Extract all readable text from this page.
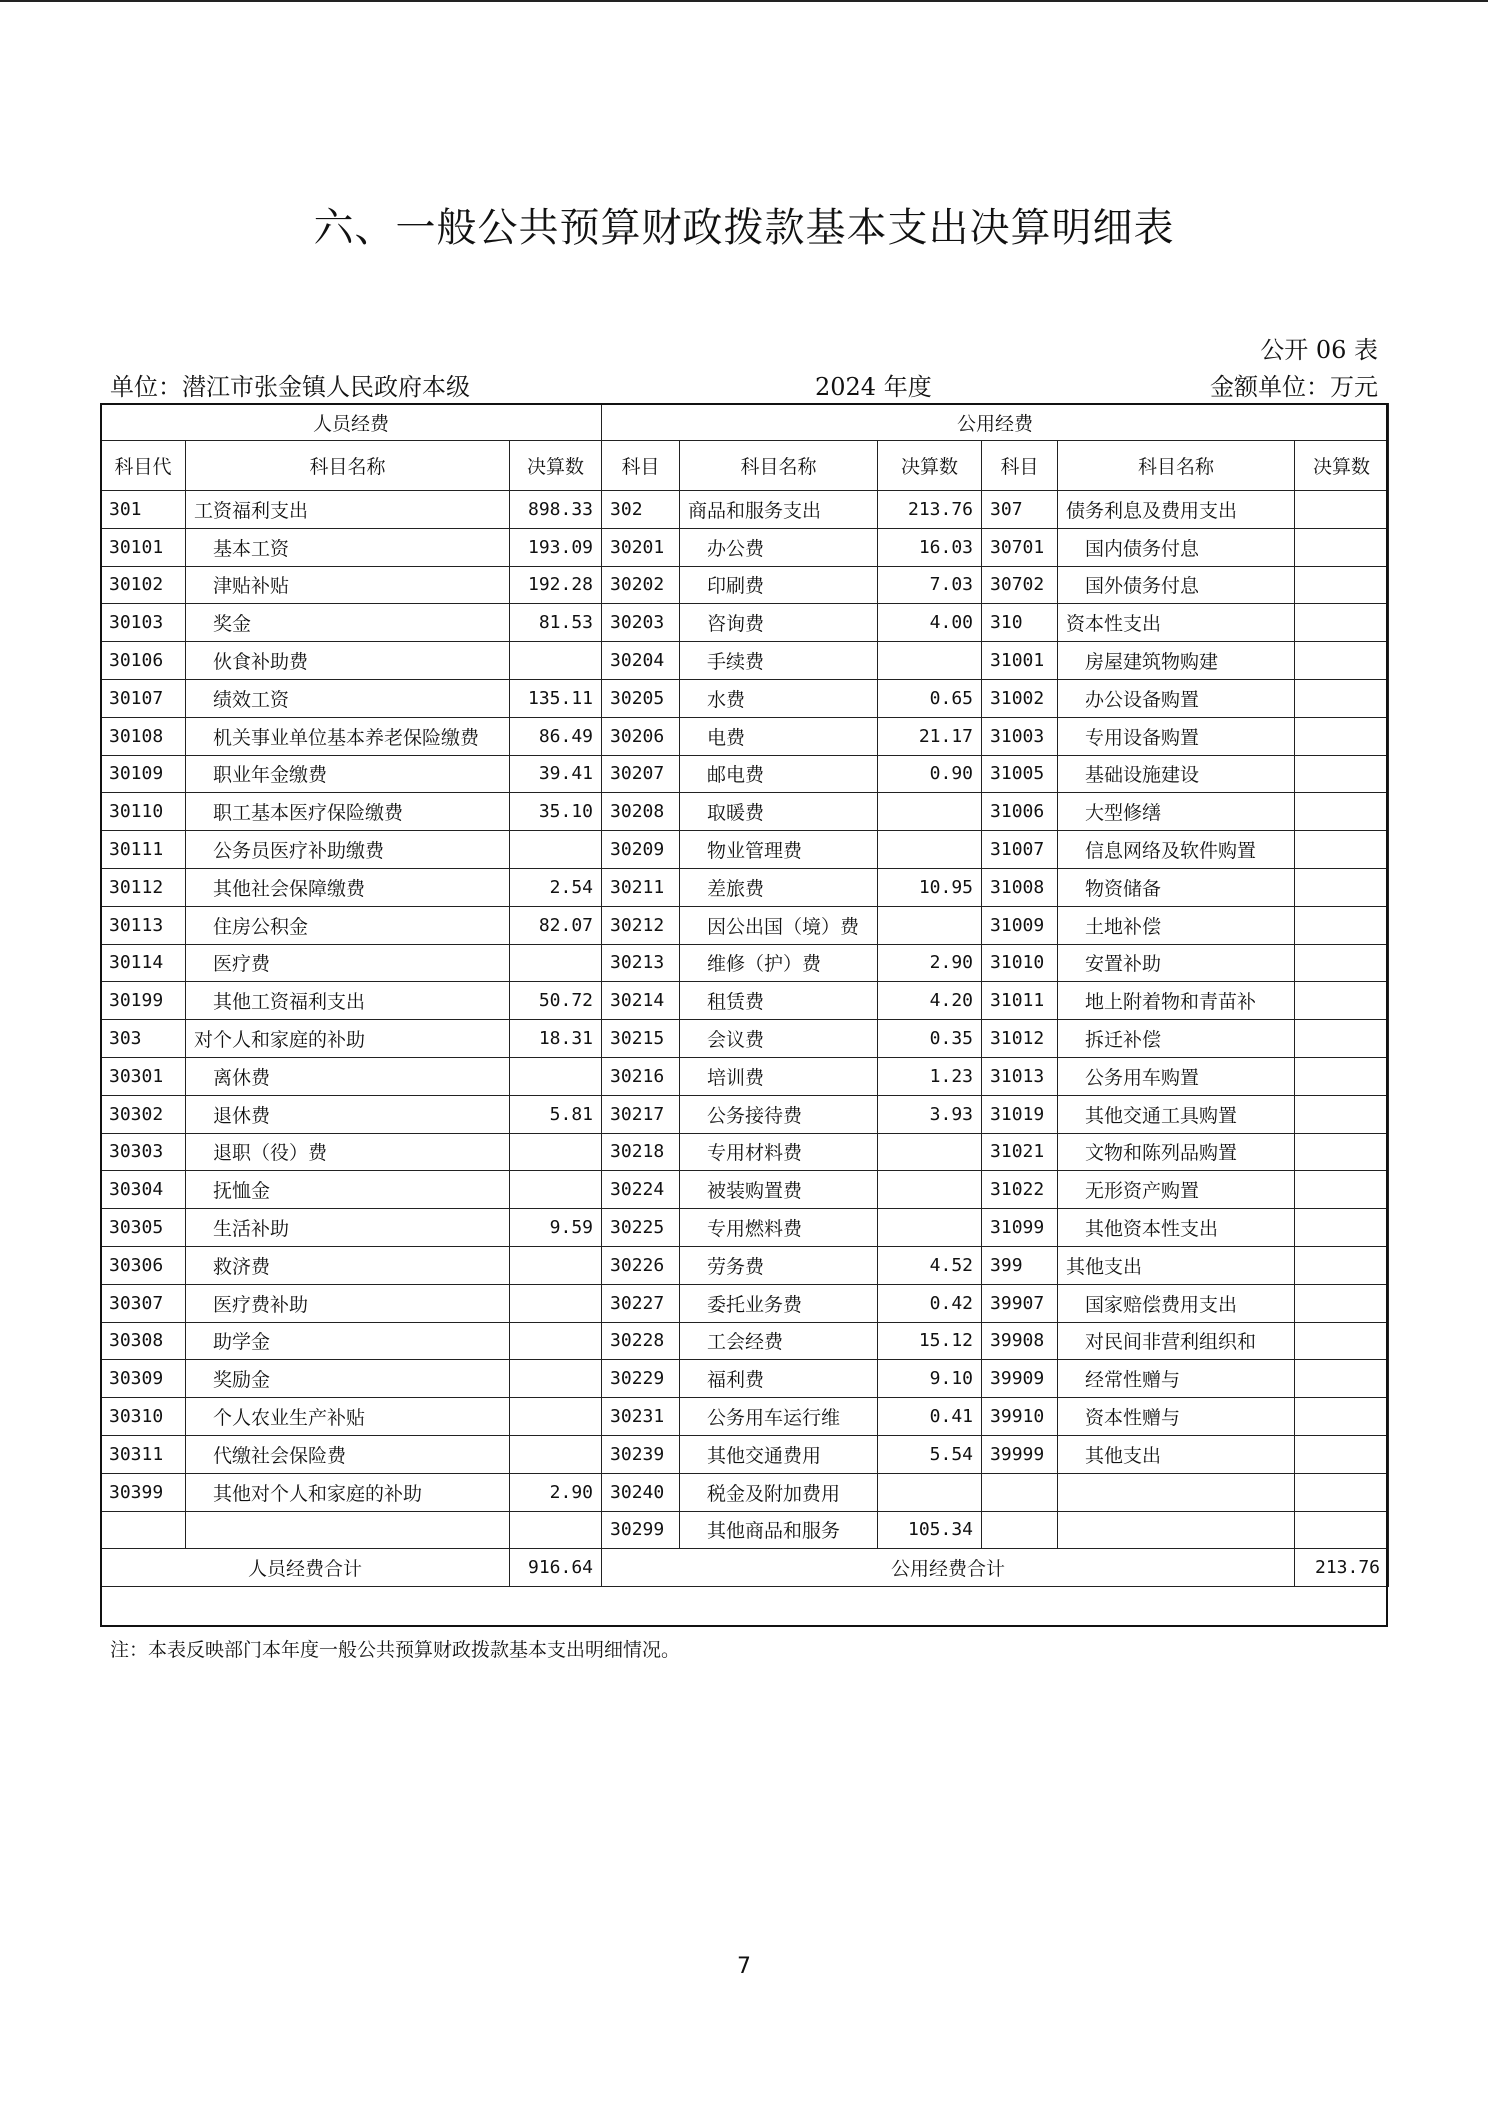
六、一般公共预算财政拨款基本支出决算明细表
公开 06 表
单位：潜江市张金镇人民政府本级	2024 年度	金额单位：万元
人员经费			公用经费					
科目代	科目名称	决算数	科目	科目名称	决算数	科目	科目名称	决算数
301	工资福利支出	898.33	302	商品和服务支出	213.76	307	债务利息及费用支出	
30101	　基本工资	193.09	30201	　办公费	16.03	30701	　国内债务付息	
30102	　津贴补贴	192.28	30202	　印刷费	7.03	30702	　国外债务付息	
30103	　奖金	81.53	30203	　咨询费	4.00	310	资本性支出	
30106	　伙食补助费		30204	　手续费		31001	　房屋建筑物购建	
30107	　绩效工资	135.11	30205	　水费	0.65	31002	　办公设备购置	
30108	　机关事业单位基本养老保险缴费	86.49	30206	　电费	21.17	31003	　专用设备购置	
30109	　职业年金缴费	39.41	30207	　邮电费	0.90	31005	　基础设施建设	
30110	　职工基本医疗保险缴费	35.10	30208	　取暖费		31006	　大型修缮	
30111	　公务员医疗补助缴费		30209	　物业管理费		31007	　信息网络及软件购置	
30112	　其他社会保障缴费	2.54	30211	　差旅费	10.95	31008	　物资储备	
30113	　住房公积金	82.07	30212	　因公出国（境）费		31009	　土地补偿	
30114	　医疗费		30213	　维修（护）费	2.90	31010	　安置补助	
30199	　其他工资福利支出	50.72	30214	　租赁费	4.20	31011	　地上附着物和青苗补	
303	对个人和家庭的补助	18.31	30215	　会议费	0.35	31012	　拆迁补偿	
30301	　离休费		30216	　培训费	1.23	31013	　公务用车购置	
30302	　退休费	5.81	30217	　公务接待费	3.93	31019	　其他交通工具购置	
30303	　退职（役）费		30218	　专用材料费		31021	　文物和陈列品购置	
30304	　抚恤金		30224	　被装购置费		31022	　无形资产购置	
30305	　生活补助	9.59	30225	　专用燃料费		31099	　其他资本性支出	
30306	　救济费		30226	　劳务费	4.52	399	其他支出	
30307	　医疗费补助		30227	　委托业务费	0.42	39907	　国家赔偿费用支出	
30308	　助学金		30228	　工会经费	15.12	39908	　对民间非营利组织和	
30309	　奖励金		30229	　福利费	9.10	39909	　经常性赠与	
30310	　个人农业生产补贴		30231	　公务用车运行维	0.41	39910	　资本性赠与	
30311	　代缴社会保险费		30239	　其他交通费用	5.54	39999	　其他支出	
30399	　其他对个人和家庭的补助	2.90	30240	　税金及附加费用				
			30299	　其他商品和服务	105.34			
人员经费合计		916.64	公用经费合计					213.76
注：本表反映部门本年度一般公共预算财政拨款基本支出明细情况。
7
